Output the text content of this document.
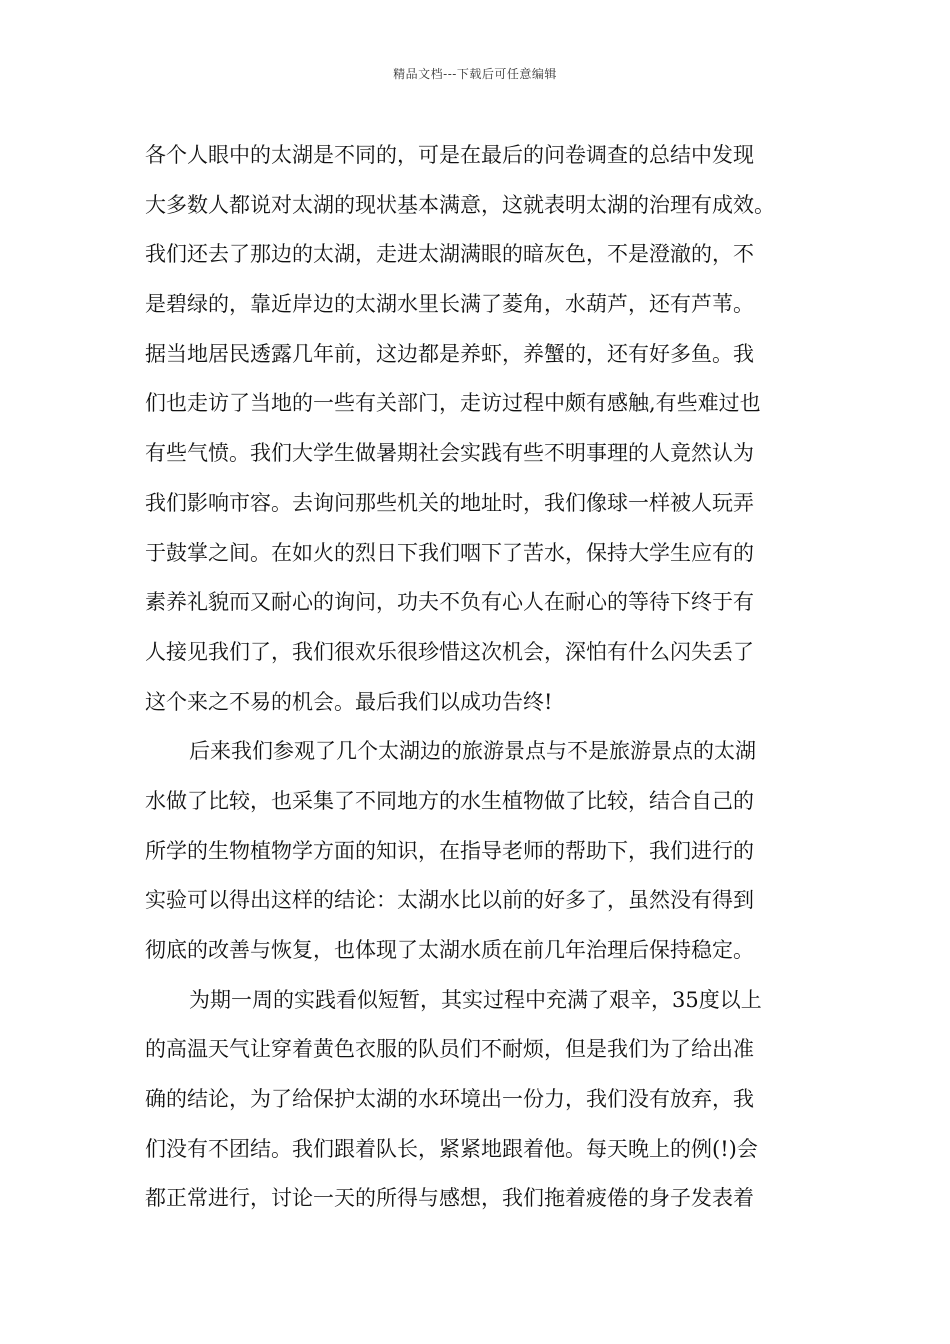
精品文档---下载后可任意编辑
各个人眼中的太湖是不同的，可是在最后的问卷调查的总结中发现
大多数人都说对太湖的现状基本满意，这就表明太湖的治理有成效。
我们还去了那边的太湖，走进太湖满眼的暗灰色，不是澄澈的，不
是碧绿的，靠近岸边的太湖水里长满了菱角，水葫芦，还有芦苇。
据当地居民透露几年前，这边都是养虾，养蟹的，还有好多鱼。我
们也走访了当地的一些有关部门，走访过程中颇有感触,有些难过也
有些气愤。我们大学生做暑期社会实践有些不明事理的人竟然认为
我们影响市容。去询问那些机关的地址时，我们像球一样被人玩弄
于鼓掌之间。在如火的烈日下我们咽下了苦水，保持大学生应有的
素养礼貌而又耐心的询问，功夫不负有心人在耐心的等待下终于有
人接见我们了，我们很欢乐很珍惜这次机会，深怕有什么闪失丢了
这个来之不易的机会。最后我们以成功告终!
后来我们参观了几个太湖边的旅游景点与不是旅游景点的太湖
水做了比较，也采集了不同地方的水生植物做了比较，结合自己的
所学的生物植物学方面的知识，在指导老师的帮助下，我们进行的
实验可以得出这样的结论：太湖水比以前的好多了，虽然没有得到
彻底的改善与恢复，也体现了太湖水质在前几年治理后保持稳定。
为期一周的实践看似短暂，其实过程中充满了艰辛，35度以上
的高温天气让穿着黄色衣服的队员们不耐烦，但是我们为了给出准
确的结论，为了给保护太湖的水环境出一份力，我们没有放弃，我
们没有不团结。我们跟着队长，紧紧地跟着他。每天晚上的例(!)会
都正常进行，讨论一天的所得与感想，我们拖着疲倦的身子发表着
